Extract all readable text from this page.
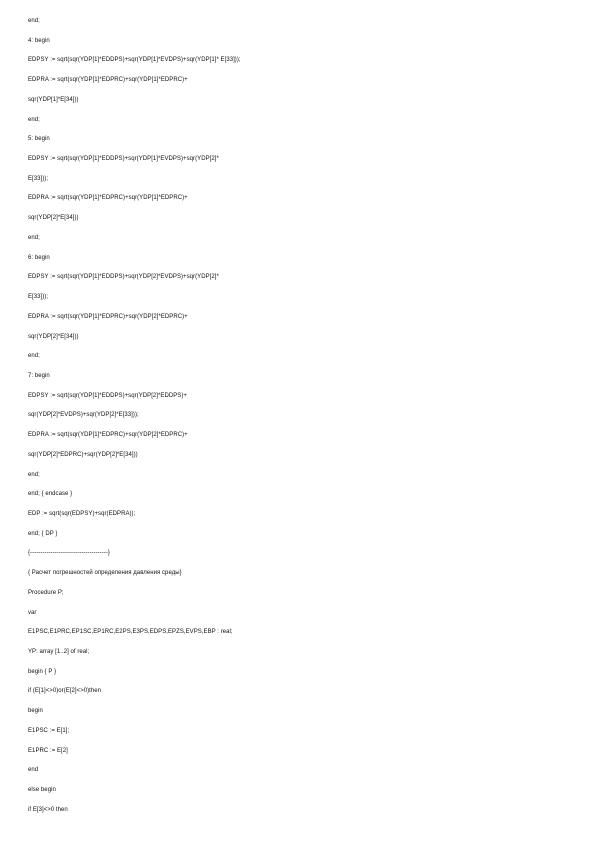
end;
4: begin
EDPSY := sqrt(sqr(YDP[1]*EDDPS)+sqr(YDP[1]*EVDPS)+sqr(YDP[1]* E[33]));
EDPRA := sqrt(sqr(YDP[1]*EDPRC)+sqr(YDP[1]*EDPRC)+
sqr(YDP[1]*E[34]))
end;
5: begin
EDPSY := sqrt(sqr(YDP[1]*EDDPS)+sqr(YDP[1]*EVDPS)+sqr(YDP[2]*
E[33]));
EDPRA := sqrt(sqr(YDP[1]*EDPRC)+sqr(YDP[1]*EDPRC)+
sqr(YDP[2]*E[34]))
end;
6: begin
EDPSY := sqrt(sqr(YDP[1]*EDDPS)+sqr(YDP[2]*EVDPS)+sqr(YDP[2]*
E[33]));
EDPRA := sqrt(sqr(YDP[1]*EDPRC)+sqr(YDP[2]*EDPRC)+
sqr(YDP[2]*E[34]))
end;
7: begin
EDPSY := sqrt(sqr(YDP[1]*EDDPS)+sqr(YDP[2]*EDDPS)+
sqr(YDP[2]*EVDPS)+sqr(YDP[2]*E[33]));
EDPRA := sqrt(sqr(YDP[1]*EDPRC)+sqr(YDP[2]*EDPRC)+
sqr(YDP[2]*EDPRC)+sqr(YDP[2]*E[34]))
end;
end; { endcase }
EDP := sqrt(sqr(EDPSY)+sqr(EDPRA));
end; { DP }
{--------------------------------------}
{ Расчет погрешностей определения давления среды}
Procedure P;
var
E1PSC,E1PRC,EP1SC,EP1RC,E2PS,E3PS,EDPS,EPZS,EVPS,EBP : real;
YP: array [1..2] of real;
begin { P }
if (E[1]<>0)or(E[2]<>0)then
begin
E1PSC := E[1];
E1PRC := E[2]
end
else begin
if E[3]<>0 then
